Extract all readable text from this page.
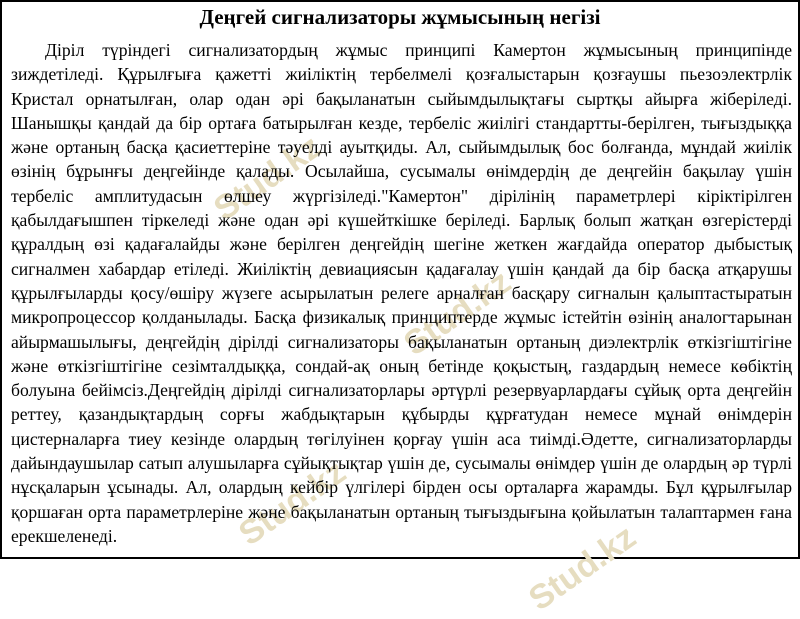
Stud.kz
Stud.kz
Stud.kz
Stud.kz
Деңгей сигнализаторы жұмысының негізі

Діріл түріндегі сигнализатордың жұмыс принципі Камертон жұмысының принципінде зиждетіледі. Құрылғыға қажетті жиіліктің тербелмелі қозғалыстарын қозғаушы пьезоэлектрлік Кристал орнатылған, олар одан әрі бақыланатын сыйымдылықтағы сыртқы айырға жіберіледі. Шанышқы қандай да бір ортаға батырылған кезде, тербеліс жиілігі стандартты-берілген, тығыздыққа және ортаның басқа қасиеттеріне тәуелді ауытқиды. Ал, сыйымдылық бос болғанда, мұндай жиілік өзінің бұрынғы деңгейінде қалады. Осылайша, сусымалы өнімдердің де деңгейін бақылау үшін тербеліс амплитудасын өлшеу жүргізіледі."Камертон" дірілінің параметрлері кіріктірілген қабылдағышпен тіркеледі және одан әрі күшейткішке беріледі. Барлық болып жатқан өзгерістерді құралдың өзі қадағалайды және берілген деңгейдің шегіне жеткен жағдайда оператор дыбыстық сигналмен хабардар етіледі. Жиіліктің девиациясын қадағалау үшін қандай да бір басқа атқарушы құрылғыларды қосу/өшіру жүзеге асырылатын релеге арналған басқару сигналын қалыптастыратын микропроцессор қолданылады. Басқа физикалық принциптерде жұмыс істейтін өзінің аналогтарынан айырмашылығы, деңгейдің дірілді сигнализаторы бақыланатын ортаның диэлектрлік өткізгіштігіне және өткізгіштігіне сезімталдыққа, сондай-ақ оның бетінде қоқыстың, газдардың немесе көбіктің болуына бейімсіз.Деңгейдің дірілді сигнализаторлары әртүрлі резервуарлардағы сұйық орта деңгейін реттеу, қазандықтардың сорғы жабдықтарын құбырды құрғатудан немесе мұнай өнімдерін цистерналарға тиеу кезінде олардың төгілуінен қорғау үшін аса тиімді.Әдетте, сигнализаторларды дайындаушылар сатып алушыларға сұйықтықтар үшін де, сусымалы өнімдер үшін де олардың әр түрлі нұсқаларын ұсынады. Ал, олардың кейбір үлгілері бірден осы орталарға жарамды. Бұл құрылғылар қоршаған орта параметрлеріне және бақыланатын ортаның тығыздығына қойылатын талаптармен ғана ерекшеленеді.
